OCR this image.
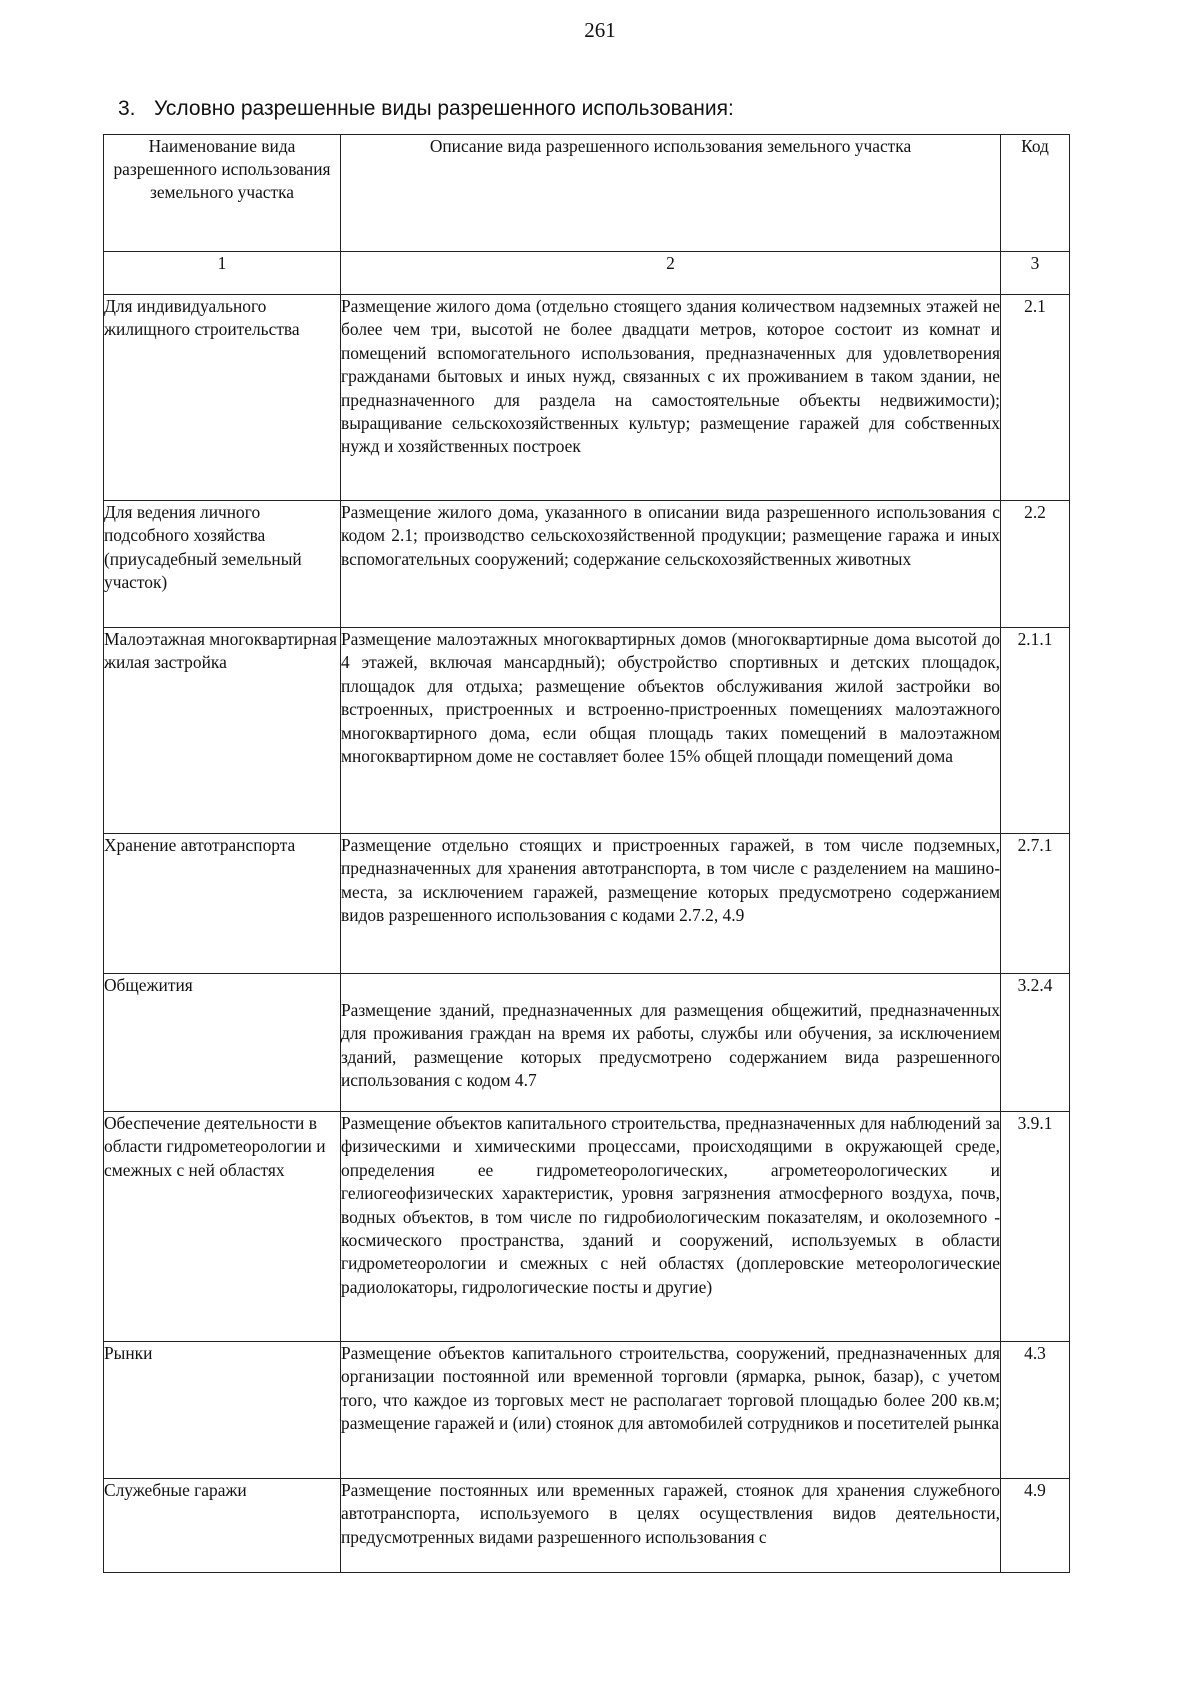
261
3. Условно разрешенные виды разрешенного использования:
Наименование вида разрешенного использования земельного участка	Описание вида разрешенного использования земельного участка	Код
1	2	3
Для индивидуального жилищного строительства	Размещение жилого дома (отдельно стоящего здания количеством надземных этажей не более чем три, высотой не более двадцати метров, которое состоит из комнат и помещений вспомогательного использования, предназначенных для удовлетворения гражданами бытовых и иных нужд, связанных с их проживанием в таком здании, не предназначенного для раздела на самостоятельные объекты недвижимости); выращивание сельскохозяйственных культур; размещение гаражей для собственных нужд и хозяйственных построек	2.1
Для ведения личного подсобного хозяйства (приусадебный земельный участок)	Размещение жилого дома, указанного в описании вида разрешенного использования с кодом 2.1; производство сельскохозяйственной продукции; размещение гаража и иных вспомогательных сооружений; содержание сельскохозяйственных животных	2.2
Малоэтажная многоквартирная жилая застройка	Размещение малоэтажных многоквартирных домов (многоквартирные дома высотой до 4 этажей, включая мансардный); обустройство спортивных и детских площадок, площадок для отдыха; размещение объектов обслуживания жилой застройки во встроенных, пристроенных и встроенно-пристроенных помещениях малоэтажного многоквартирного дома, если общая площадь таких помещений в малоэтажном многоквартирном доме не составляет более 15% общей площади помещений дома	2.1.1
Хранение автотранспорта	Размещение отдельно стоящих и пристроенных гаражей, в том числе подземных, предназначенных для хранения автотранспорта, в том числе с разделением на машино-места, за исключением гаражей, размещение которых предусмотрено содержанием видов разрешенного использования с кодами 2.7.2, 4.9	2.7.1
Общежития	Размещение зданий, предназначенных для размещения общежитий, предназначенных для проживания граждан на время их работы, службы или обучения, за исключением зданий, размещение которых предусмотрено содержанием вида разрешенного использования с кодом 4.7	3.2.4
Обеспечение деятельности в области гидрометеорологии и смежных с ней областях	Размещение объектов капитального строительства, предназначенных для наблюдений за физическими и химическими процессами, происходящими в окружающей среде, определения ее гидрометеорологических, агрометеорологических и гелиогеофизических характеристик, уровня загрязнения атмосферного воздуха, почв, водных объектов, в том числе по гидробиологическим показателям, и околоземного - космического пространства, зданий и сооружений, используемых в области гидрометеорологии и смежных с ней областях (доплеровские метеорологические радиолокаторы, гидрологические посты и другие)	3.9.1
Рынки	Размещение объектов капитального строительства, сооружений, предназначенных для организации постоянной или временной торговли (ярмарка, рынок, базар), с учетом того, что каждое из торговых мест не располагает торговой площадью более 200 кв.м; размещение гаражей и (или) стоянок для автомобилей сотрудников и посетителей рынка	4.3
Служебные гаражи	Размещение постоянных или временных гаражей, стоянок для хранения служебного автотранспорта, используемого в целях осуществления видов деятельности, предусмотренных видами разрешенного использования с	4.9
